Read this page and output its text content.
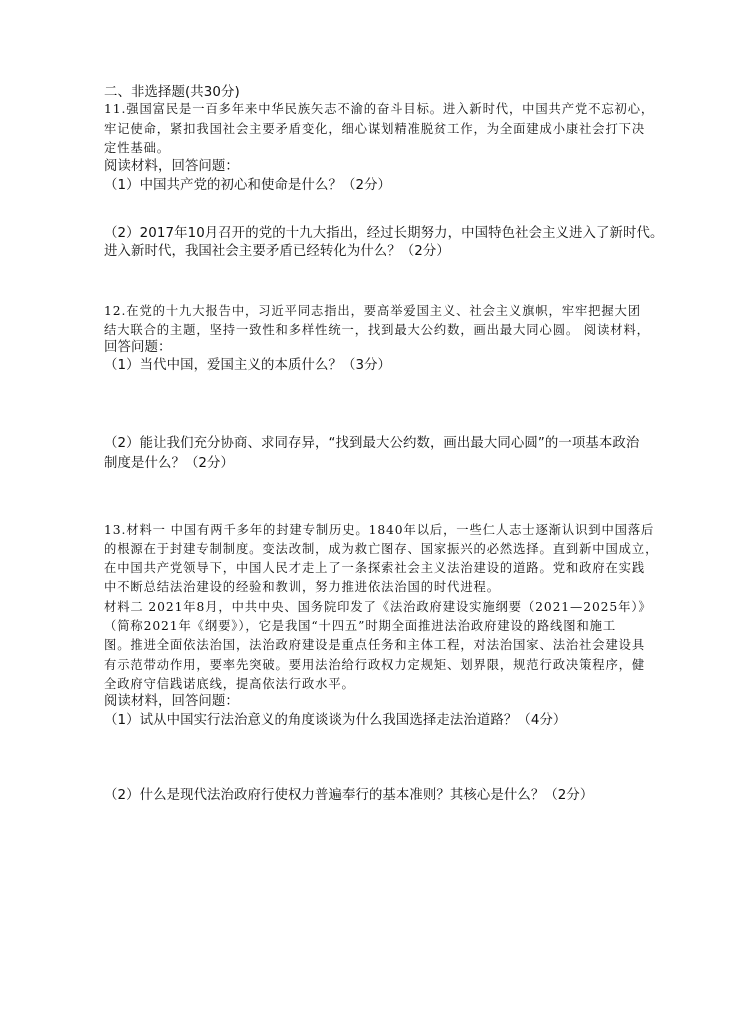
二、非选择题(共30分)
11.强国富民是一百多年来中华民族矢志不渝的奋斗目标。进入新时代，中国共产党不忘初心，
牢记使命，紧扣我国社会主要矛盾变化，细心谋划精准脱贫工作，为全面建成小康社会打下决
定性基础。
阅读材料，回答问题：
（1）中国共产党的初心和使命是什么？（2分）
（2）2017年10月召开的党的十九大指出，经过长期努力，中国特色社会主义进入了新时代。
进入新时代，我国社会主要矛盾已经转化为什么？（2分）
12.在党的十九大报告中，习近平同志指出，要高举爱国主义、社会主义旗帜，牢牢把握大团
结大联合的主题，坚持一致性和多样性统一，找到最大公约数，画出最大同心圆。 阅读材料，
回答问题：
（1）当代中国，爱国主义的本质什么？（3分）
（2）能让我们充分协商、求同存异，“找到最大公约数，画出最大同心圆”的一项基本政治
制度是什么？（2分）
13.材料一 中国有两千多年的封建专制历史。1840年以后，一些仁人志士逐渐认识到中国落后
的根源在于封建专制制度。变法改制，成为救亡图存、国家振兴的必然选择。直到新中国成立，
在中国共产党领导下，中国人民才走上了一条探索社会主义法治建设的道路。党和政府在实践
中不断总结法治建设的经验和教训，努力推进依法治国的时代进程。
材料二 2021年8月，中共中央、国务院印发了《法治政府建设实施纲要（2021—2025年）》
（简称2021年《纲要》），它是我国“十四五”时期全面推进法治政府建设的路线图和施工
图。推进全面依法治国，法治政府建设是重点任务和主体工程，对法治国家、法治社会建设具
有示范带动作用，要率先突破。要用法治给行政权力定规矩、划界限，规范行政决策程序，健
全政府守信践诺底线，提高依法行政水平。
阅读材料，回答问题：
（1）试从中国实行法治意义的角度谈谈为什么我国选择走法治道路？（4分）
（2）什么是现代法治政府行使权力普遍奉行的基本准则？其核心是什么？（2分）
